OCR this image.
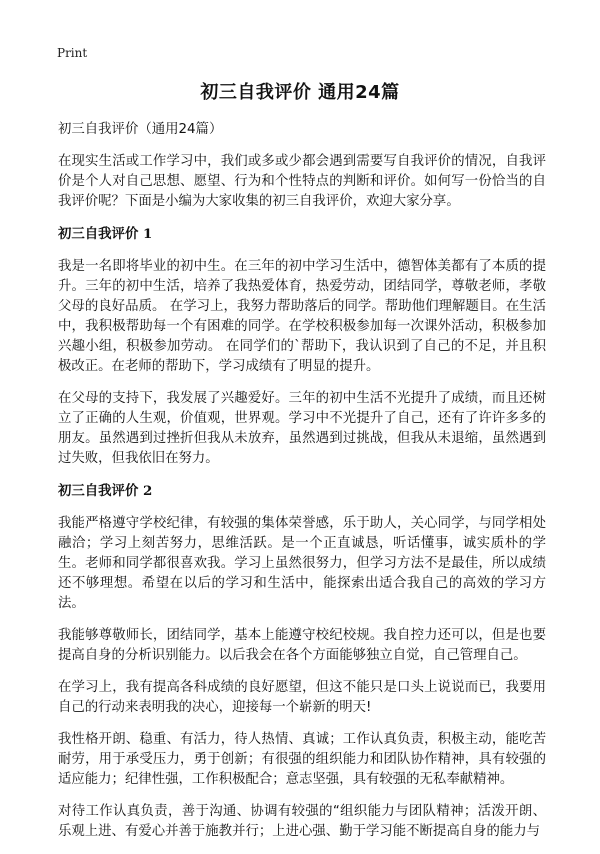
Print
初三自我评价 通用24篇

初三自我评价（通用24篇）

在现实生活或工作学习中，我们或多或少都会遇到需要写自我评价的情况，自我评价是个人对自己思想、愿望、行为和个性特点的判断和评价。如何写一份恰当的自我评价呢？下面是小编为大家收集的初三自我评价，欢迎大家分享。

初三自我评价 1

我是一名即将毕业的初中生。在三年的初中学习生活中，德智体美都有了本质的提升。三年的初中生活，培养了我热爱体育，热爱劳动，团结同学，尊敬老师，孝敬父母的良好品质。 在学习上，我努力帮助落后的同学。帮助他们理解题目。在生活中，我积极帮助每一个有困难的同学。在学校积极参加每一次课外活动，积极参加兴趣小组，积极参加劳动。 在同学们的`帮助下，我认识到了自己的不足，并且积极改正。在老师的帮助下，学习成绩有了明显的提升。

在父母的支持下，我发展了兴趣爱好。三年的初中生活不光提升了成绩，而且还树立了正确的人生观，价值观，世界观。学习中不光提升了自己，还有了许许多多的朋友。虽然遇到过挫折但我从未放弃，虽然遇到过挑战，但我从未退缩，虽然遇到过失败，但我依旧在努力。

初三自我评价 2

我能严格遵守学校纪律，有较强的集体荣誉感，乐于助人，关心同学，与同学相处融洽；学习上刻苦努力，思维活跃。是一个正直诚恳，听话懂事，诚实质朴的学生。老师和同学都很喜欢我。学习上虽然很努力，但学习方法不是最佳，所以成绩还不够理想。希望在以后的学习和生活中，能探索出适合我自己的高效的学习方法。

我能够尊敬师长，团结同学，基本上能遵守校纪校规。我自控力还可以，但是也要提高自身的分析识别能力。以后我会在各个方面能够独立自觉，自己管理自己。

在学习上，我有提高各科成绩的良好愿望，但这不能只是口头上说说而已，我要用自己的行动来表明我的决心，迎接每一个崭新的明天!

我性格开朗、稳重、有活力，待人热情、真诚；工作认真负责，积极主动，能吃苦耐劳，用于承受压力，勇于创新；有很强的组织能力和团队协作精神，具有较强的适应能力；纪律性强，工作积极配合；意志坚强，具有较强的无私奉献精神。

对待工作认真负责，善于沟通、协调有较强的“组织能力与团队精神；活泼开朗、乐观上进、有爱心并善于施教并行；上进心强、勤于学习能不断提高自身的能力与
